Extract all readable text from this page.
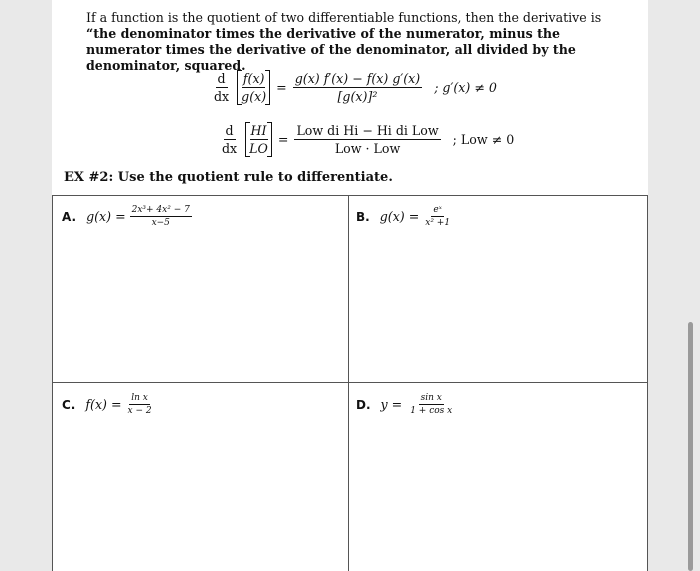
If a function is the quotient of two differentiable functions, then the derivative is
“the denominator times the derivative of the numerator, minus the numerator times the derivative of the denominator, all divided by the denominator, squared.
$\frac{d}{dx} \frac{f(x)}{g(x)} = \frac{g(x) f'(x) - f(x) g'(x)}{\text{[g(x)]²}}$ ; g′(x) ≠ 0
$\frac{d}{dx} \frac{HI}{LO} = \frac{\text{Low di Hi − Hi di Low}}{\text{Low · Low}}$ ; Low ≠ 0
EX #2: Use the quotient rule to differentiate.
A. $g(x) = \frac{\text{2x³+ 4x² − 7}}{x-5}$	B. $g(x) = \frac{\text{eˣ}}{\text{x² +1}}$
C. $f(x) = \frac{\text{ln x}}{x - 2}$	D. $y = \frac{\text{sin x}}{\text{1 + cos x}}$
